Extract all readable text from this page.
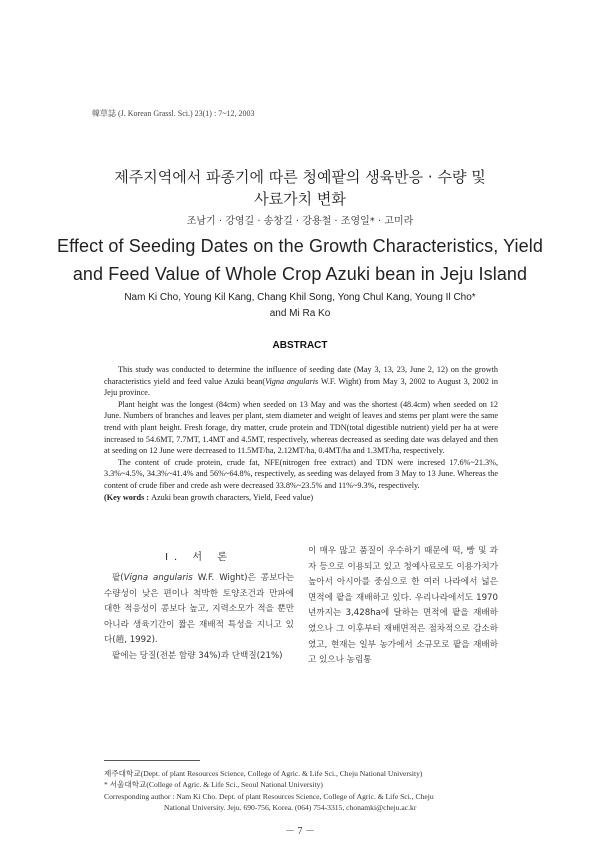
韓草誌 (J. Korean Grassl. Sci.) 23(1) : 7~12, 2003
제주지역에서 파종기에 따른 청예팥의 생육반응 · 수량 및
사료가치 변화
조남기 · 강영길 · 송창길 · 강용철 · 조영일* · 고미라
Effect of Seeding Dates on the Growth Characteristics, Yield
and Feed Value of Whole Crop Azuki bean in Jeju Island
Nam Ki Cho, Young Kil Kang, Chang Khil Song, Yong Chul Kang, Young Il Cho*
and Mi Ra Ko
ABSTRACT

This study was conducted to determine the influence of seeding date (May 3, 13, 23, June 2, 12) on the growth characteristics yield and feed value Azuki bean(Vigna angularis W.F. Wight) from May 3, 2002 to August 3, 2002 in Jeju province.

Plant height was the longest (84cm) when seeded on 13 May and was the shortest (48.4cm) when seeded on 12 June. Numbers of branches and leaves per plant, stem diameter and weight of leaves and stems per plant were the same trend with plant height. Fresh forage, dry matter, crude protein and TDN(total digestible nutrient) yield per ha at were increased to 54.6MT, 7.7MT, 1.4MT and 4.5MT, respectively, whereas decreased as seeding date was delayed and then at seeding on 12 June were decreased to 11.5MT/ha, 2.12MT/ha, 0.4MT/ha and 1.3MT/ha, respectively.

The content of crude protein, crude fat, NFE(nitrogen free extract) and TDN were incresed 17.6%~21.3%, 3.3%~4.5%, 34.3%~41.4% and 56%~64.8%, respectively, as seeding was delayed from 3 May to 13 June. Whereas the content of crude fiber and crede ash were decreased 33.8%~23.5% and 11%~9.3%, respectively.

(Key words : Azuki bean growth characters, Yield, Feed value)

I. 서 론

팥(Vigna angularis W.F. Wight)은 콩보다는 수량성이 낮은 편이나 척박한 토양조건과 만파에 대한 적응성이 콩보다 높고, 지력소모가 적을 뿐만 아니라 생육기간이 짧은 재배적 특성을 지니고 있다(趙, 1992).

팥에는 당질(전분 함량 34%)과 단백질(21%)

이 매우 많고 품질이 우수하기 때문에 떡, 빵 및 과자 등으로 이용되고 있고 청예사료로도 이용가치가 높아서 아시아를 중심으로 한 여러 나라에서 넓은 면적에 팥을 재배하고 있다. 우리나라에서도 1970년까지는 3,428ha에 달하는 면적에 팥을 재배하였으나 그 이후부터 재배면적은 점차적으로 감소하였고, 현재는 일부 농가에서 소규모로 팥을 재배하고 있으나 농림통

제주대학교(Dept. of plant Resources Science, College of Agric. & Life Sci., Cheju National University)
* 서울대학교(College of Agric. & Life Sci., Seoul National University)
Corresponding author : Nam Ki Cho. Dept. of plant Resources Science, College of Agric. & Life Sci., Cheju
National University. Jeju. 690-756, Korea. (064) 754-3315, chonamki@cheju.ac.kr
－ 7 －
